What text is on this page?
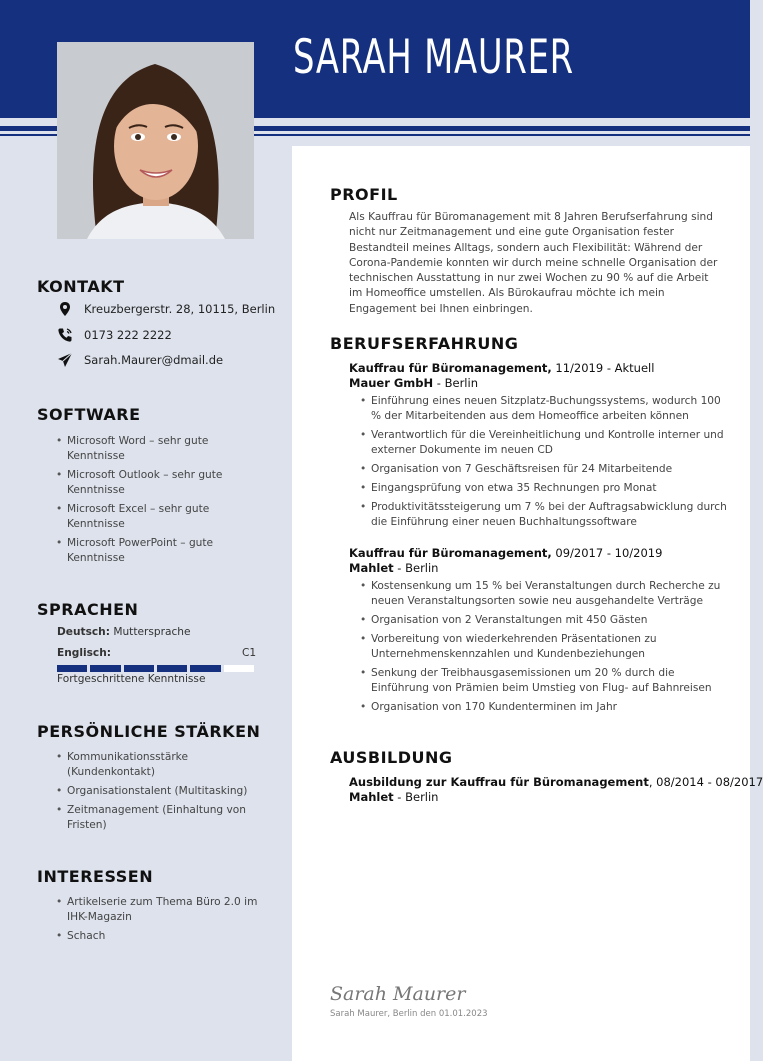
SARAH MAURER
KONTAKT
Kreuzbergerstr. 28, 10115, Berlin
0173 222 2222
Sarah.Maurer@dmail.de
SOFTWARE
• Microsoft Word – sehr gute Kenntnisse
• Microsoft Outlook – sehr gute Kenntnisse
• Microsoft Excel – sehr gute Kenntnisse
• Microsoft PowerPoint – gute Kenntnisse
SPRACHEN
Deutsch: Muttersprache
Englisch:	C1
Fortgeschrittene Kenntnisse
PERSÖNLICHE STÄRKEN
• Kommunikationsstärke (Kundenkontakt)
• Organisationstalent (Multitasking)
• Zeitmanagement (Einhaltung von Fristen)
INTERESSEN
• Artikelserie zum Thema Büro 2.0 im IHK-Magazin
• Schach
PROFIL
Als Kauffrau für Büromanagement mit 8 Jahren Berufserfahrung sind nicht nur Zeitmanagement und eine gute Organisation fester Bestandteil meines Alltags, sondern auch Flexibilität: Während der Corona-Pandemie konnten wir durch meine schnelle Organisation der technischen Ausstattung in nur zwei Wochen zu 90 % auf die Arbeit im Homeoffice umstellen. Als Bürokaufrau möchte ich mein Engagement bei Ihnen einbringen.
BERUFSERFAHRUNG
Kauffrau für Büromanagement, 11/2019 - Aktuell
Mauer GmbH - Berlin
• Einführung eines neuen Sitzplatz-Buchungssystems, wodurch 100 % der Mitarbeitenden aus dem Homeoffice arbeiten können
• Verantwortlich für die Vereinheitlichung und Kontrolle interner und externer Dokumente im neuen CD
• Organisation von 7 Geschäftsreisen für 24 Mitarbeitende
• Eingangsprüfung von etwa 35 Rechnungen pro Monat
• Produktivitätssteigerung um 7 % bei der Auftragsabwicklung durch die Einführung einer neuen Buchhaltungssoftware
Kauffrau für Büromanagement, 09/2017 - 10/2019
Mahlet - Berlin
• Kostensenkung um 15 % bei Veranstaltungen durch Recherche zu neuen Veranstaltungsorten sowie neu ausgehandelte Verträge
• Organisation von 2 Veranstaltungen mit 450 Gästen
• Vorbereitung von wiederkehrenden Präsentationen zu Unternehmenskennzahlen und Kundenbeziehungen
• Senkung der Treibhausgasemissionen um 20 % durch die Einführung von Prämien beim Umstieg von Flug- auf Bahnreisen
• Organisation von 170 Kundenterminen im Jahr
AUSBILDUNG
Ausbildung zur Kauffrau für Büromanagement, 08/2014 - 08/2017
Mahlet - Berlin
Sarah Maurer
Sarah Maurer, Berlin den 01.01.2023
